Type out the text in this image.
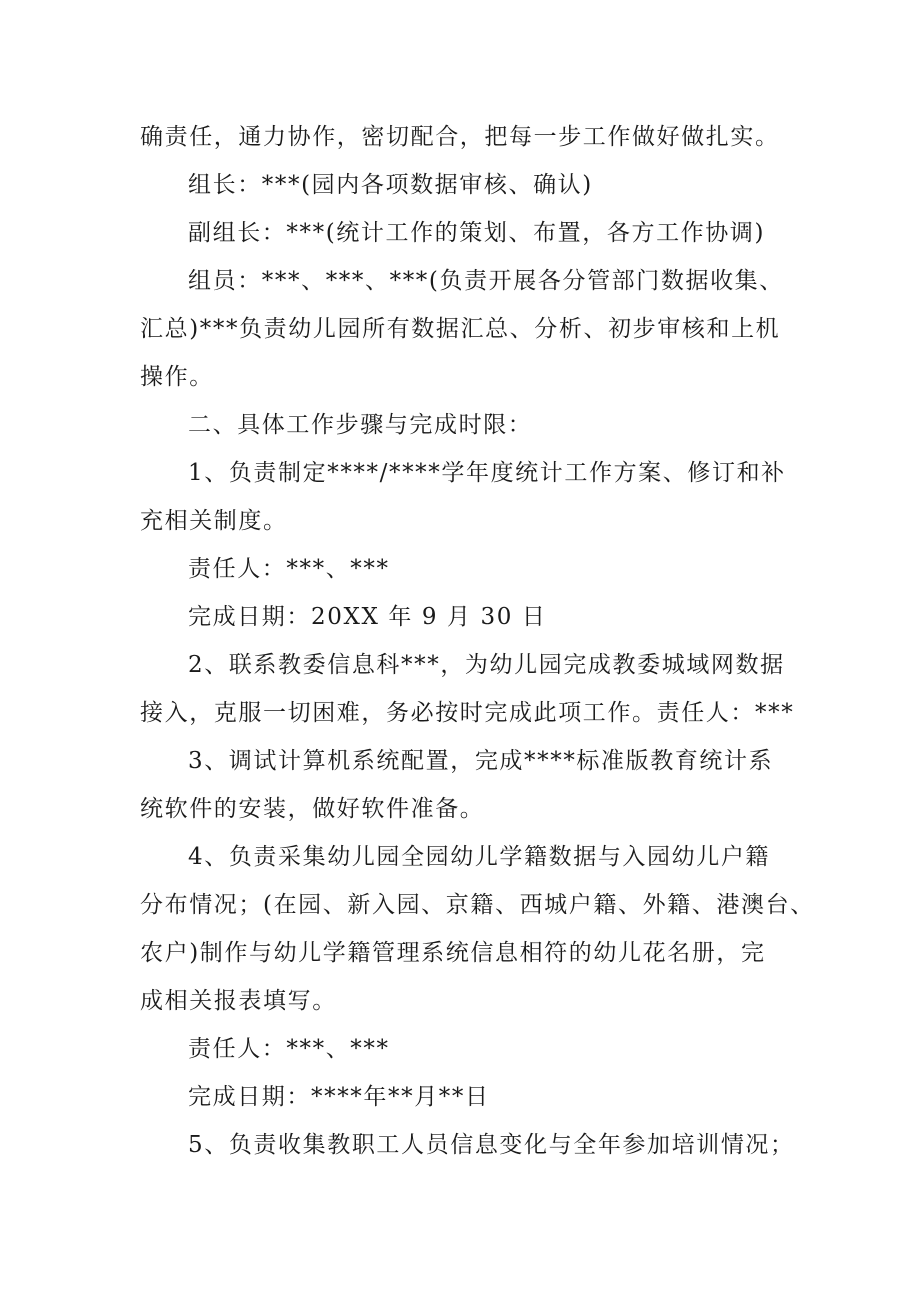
确责任，通力协作，密切配合，把每一步工作做好做扎实。
组长：***(园内各项数据审核、确认)
副组长：***(统计工作的策划、布置，各方工作协调)
组员：***、***、***(负责开展各分管部门数据收集、
汇总)***负责幼儿园所有数据汇总、分析、初步审核和上机
操作。
二、具体工作步骤与完成时限：
1、负责制定****/****学年度统计工作方案、修订和补
充相关制度。
责任人：***、***
完成日期：20XX 年 9 月 30 日
2、联系教委信息科***，为幼儿园完成教委城域网数据
接入，克服一切困难，务必按时完成此项工作。责任人：***
3、调试计算机系统配置，完成****标准版教育统计系
统软件的安装，做好软件准备。
4、负责采集幼儿园全园幼儿学籍数据与入园幼儿户籍
分布情况；(在园、新入园、京籍、西城户籍、外籍、港澳台、
农户)制作与幼儿学籍管理系统信息相符的幼儿花名册，完
成相关报表填写。
责任人：***、***
完成日期：****年**月**日
5、负责收集教职工人员信息变化与全年参加培训情况；
